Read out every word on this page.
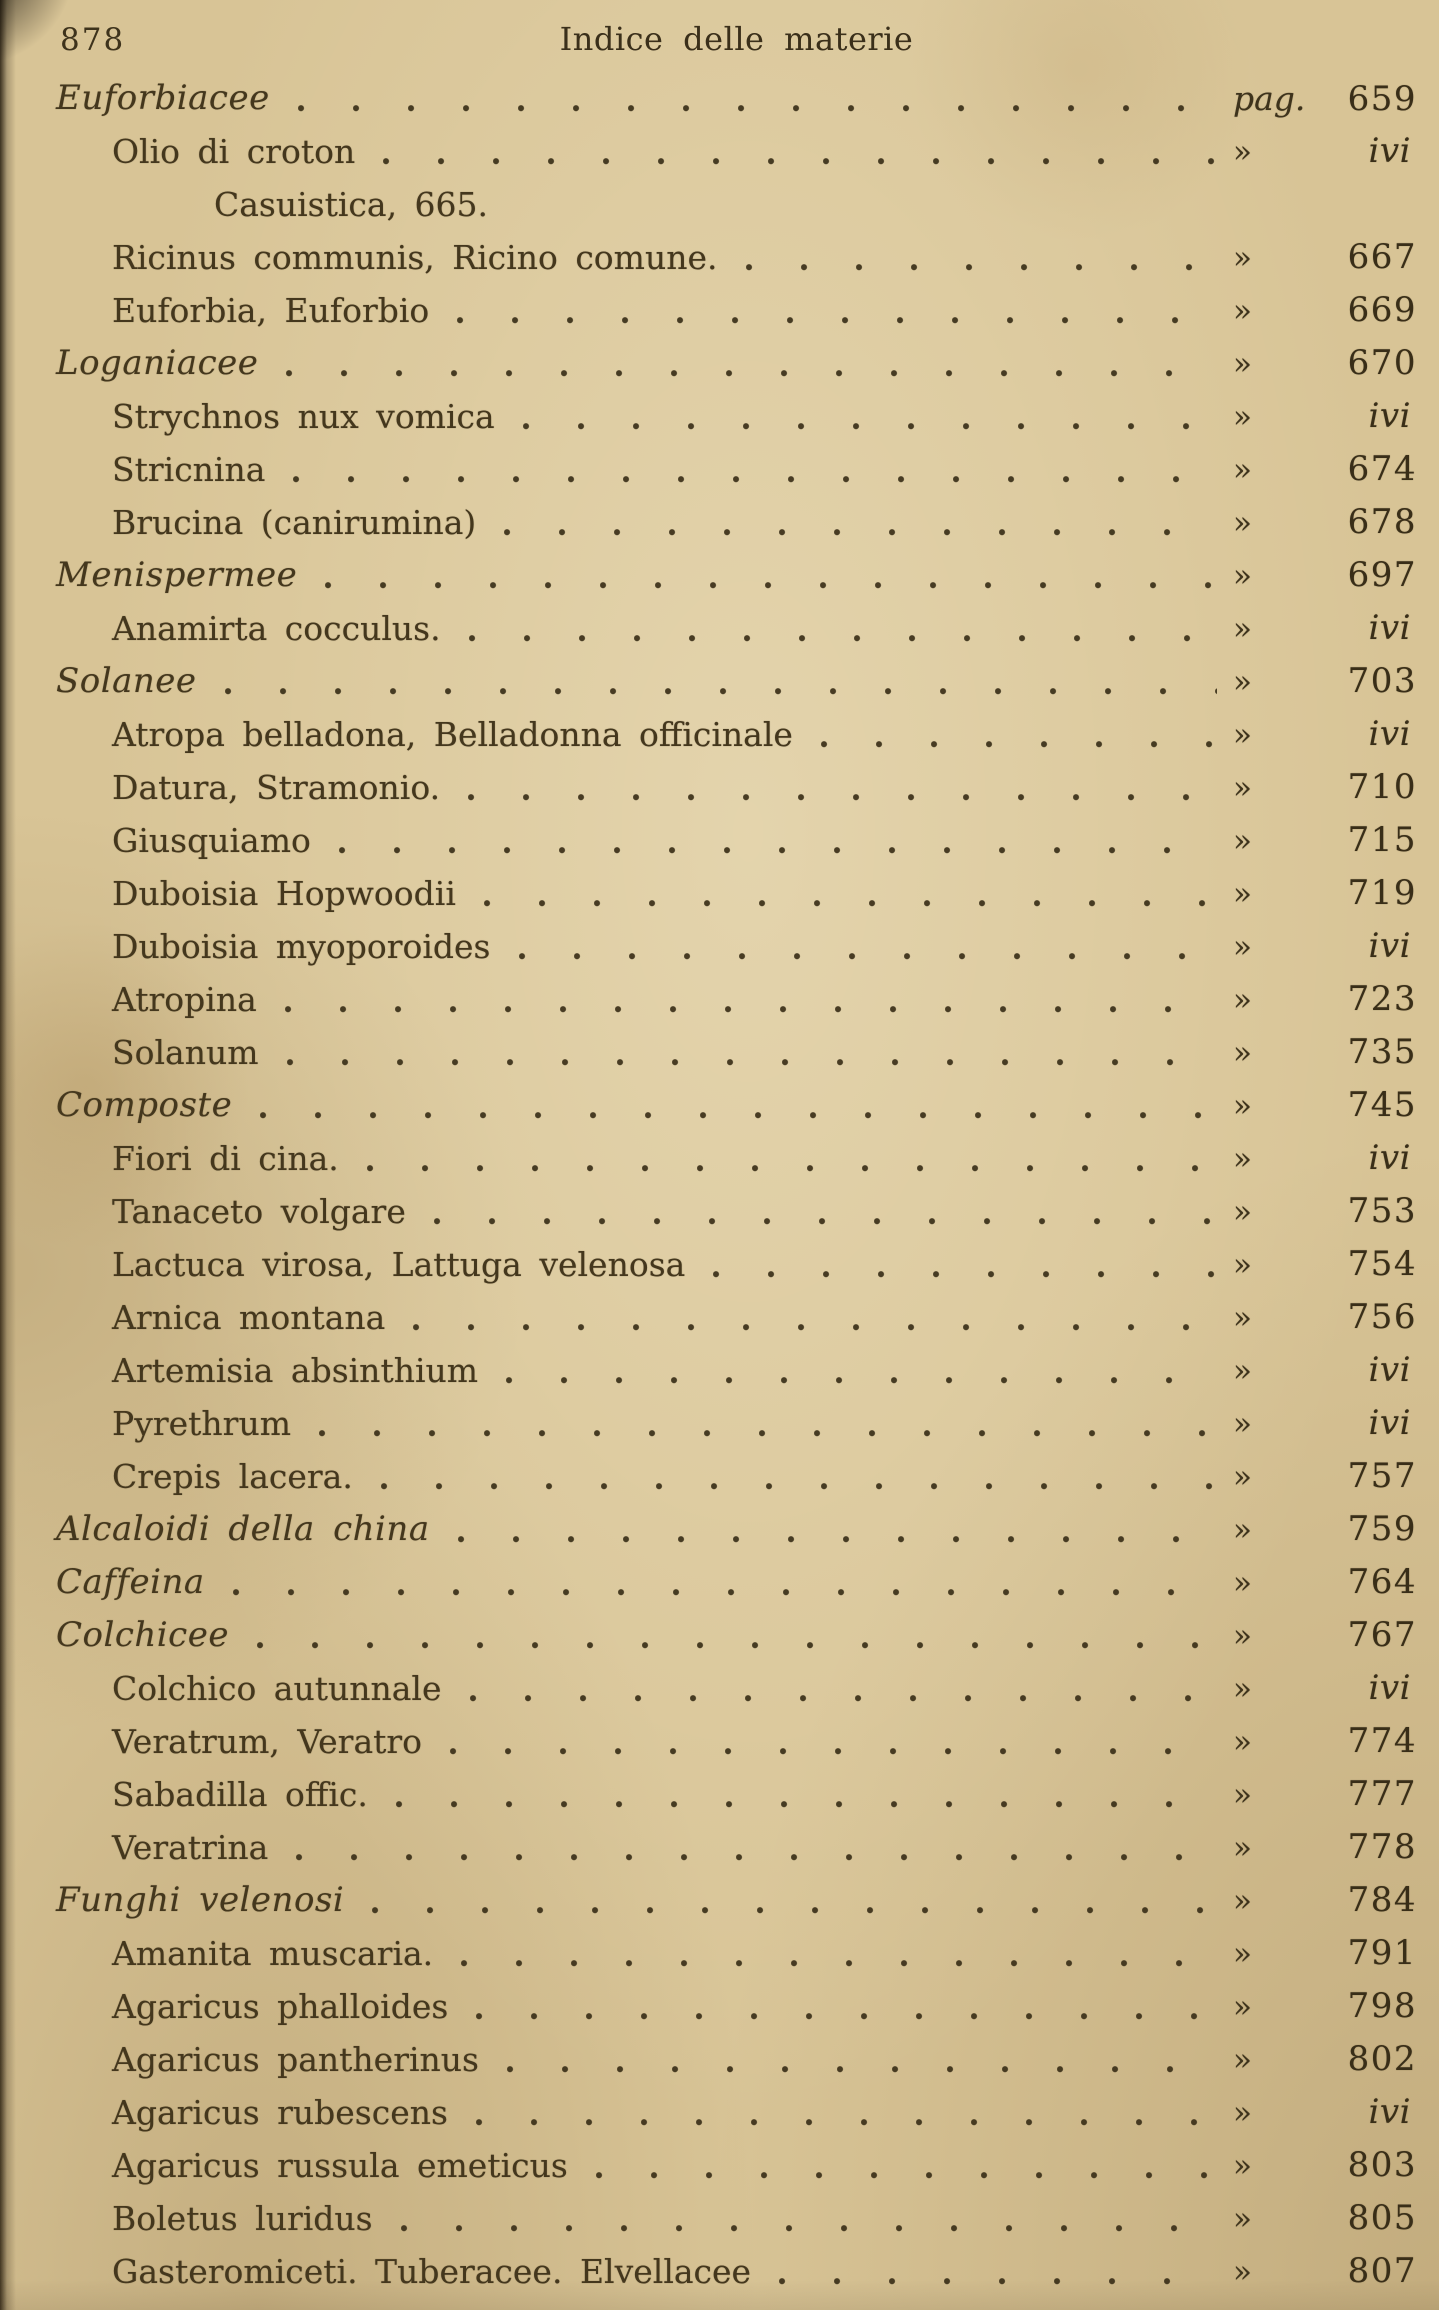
878	Indice delle materie
Euforbiacee	pag.	659
Olio di croton	»	ivi
Casuistica, 665.
Ricinus communis, Ricino comune.	»	667
Euforbia, Euforbio	»	669
Loganiacee	»	670
Strychnos nux vomica	»	ivi
Stricnina	»	674
Brucina (canirumina)	»	678
Menispermee	»	697
Anamirta cocculus.	»	ivi
Solanee	»	703
Atropa belladona, Belladonna officinale	»	ivi
Datura, Stramonio.	»	710
Giusquiamo	»	715
Duboisia Hopwoodii	»	719
Duboisia myoporoides	»	ivi
Atropina	»	723
Solanum	»	735
Composte	»	745
Fiori di cina.	»	ivi
Tanaceto volgare	»	753
Lactuca virosa, Lattuga velenosa	»	754
Arnica montana	»	756
Artemisia absinthium	»	ivi
Pyrethrum	»	ivi
Crepis lacera.	»	757
Alcaloidi della china	»	759
Caffeina	»	764
Colchicee	»	767
Colchico autunnale	»	ivi
Veratrum, Veratro	»	774
Sabadilla offic.	»	777
Veratrina	»	778
Funghi velenosi	»	784
Amanita muscaria.	»	791
Agaricus phalloides	»	798
Agaricus pantherinus	»	802
Agaricus rubescens	»	ivi
Agaricus russula emeticus	»	803
Boletus luridus	»	805
Gasteromiceti. Tuberacee. Elvellacee	»	807
